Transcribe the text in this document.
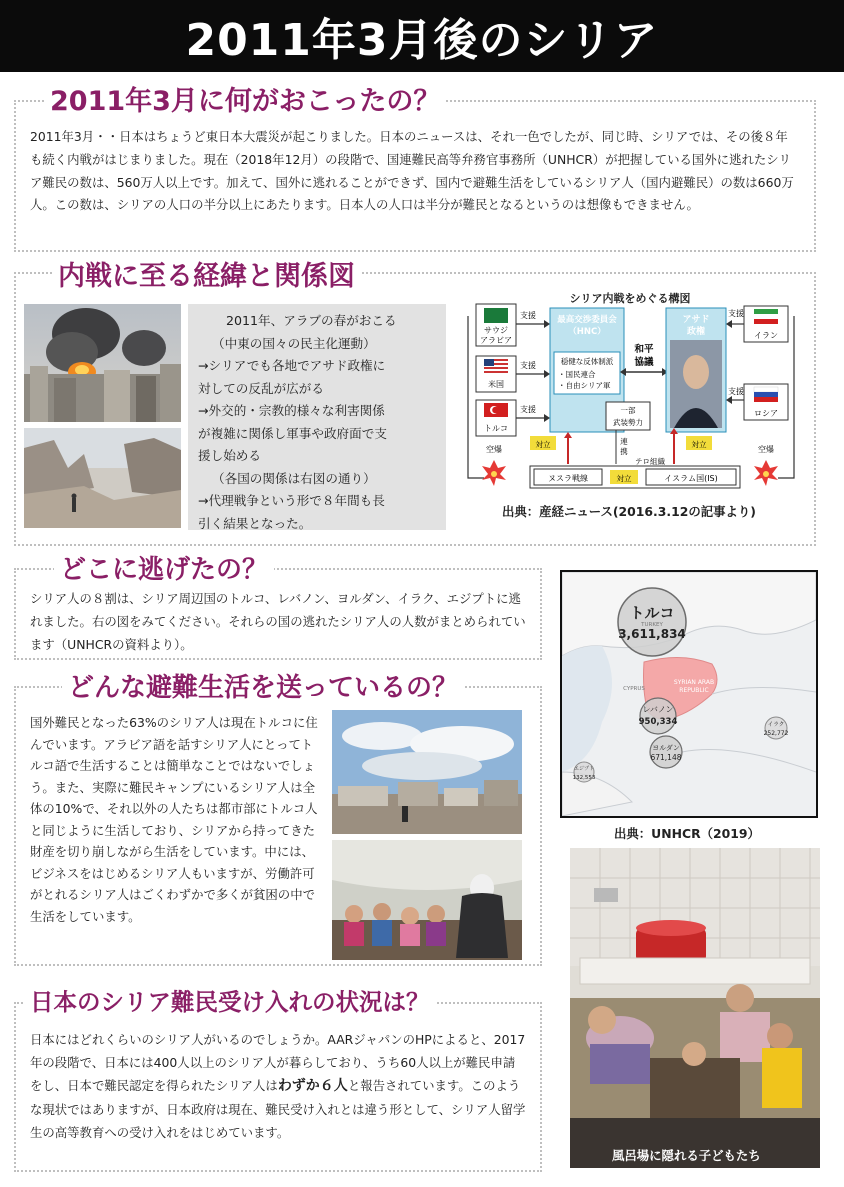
2011年3月後のシリア
2011年3月に何がおこったの？
2011年3月・・日本はちょうど東日本大震災が起こりました。日本のニュースは、それ一色でしたが、同じ時、シリアでは、その後８年も続く内戦がはじまりました。現在（2018年12月）の段階で、国連難民高等弁務官事務所（UNHCR）が把握している国外に逃れたシリア難民の数は、560万人以上です。加えて、国外に逃れることができず、国内で避難生活をしているシリア人（国内避難民）の数は660万人。この数は、シリアの人口の半分以上にあたります。日本人の人口は半分が難民となるというのは想像もできません。
内戦に至る経緯と関係図
2011年、アラブの春がおこる
（中東の国々の民主化運動）
→シリアでも各地でアサド政権に
対しての反乱が広がる
→外交的・宗教的様々な利害関係
が複雑に関係し軍事や政府面で支
援し始める
（各国の関係は右図の通り）
→代理戦争という形で８年間も長
引く結果となった。
シリア内戦をめぐる構図
サウジ
アラビア
米国
トルコ
支援
支援
支援
最高交渉委員会
（HNC）
穏健な反体制派
・国民連合
・自由シリア軍
和平
協議
アサド
政権	イラン
ロシア
支援
支援
一部
武装勢力
対立	対立
連
携
テロ組織
ヌスラ戦線	対立	イスラム国(IS)
空爆	空爆
出典：産経ニュース(2016.3.12の記事より)
どこに逃げたの？
シリア人の８割は、シリア周辺国のトルコ、レバノン、ヨルダン、イラク、エジプトに逃れました。右の図をみてください。それらの国の逃れたシリア人の人数がまとめられています（UNHCRの資料より）。
トルコ
TURKEY
3,611,834
SYRIAN ARAB
REPUBLIC
CYPRUS
レバノン
950,334
ヨルダン
671,148
イラク
252,772
エジプト
132,553
出典：UNHCR（2019）
どんな避難生活を送っているの？
国外難民となった63%のシリア人は現在トルコに住んでいます。アラビア語を話すシリア人にとってトルコ語で生活することは簡単なことではないでしょう。また、実際に難民キャンプにいるシリア人は全体の10%で、それ以外の人たちは都市部にトルコ人と同じように生活しており、シリアから持ってきた財産を切り崩しながら生活をしています。中には、ビジネスをはじめるシリア人もいますが、労働許可がとれるシリア人はごくわずかで多くが貧困の中で生活をしています。
風呂場に隠れる子どもたち
日本のシリア難民受け入れの状況は？
日本にはどれくらいのシリア人がいるのでしょうか。AARジャパンのHPによると、2017年の段階で、日本には400人以上のシリア人が暮らしており、うち60人以上が難民申請をし、日本で難民認定を得られたシリア人はわずか６人と報告されています。このような現状ではありますが、日本政府は現在、難民受け入れとは違う形として、シリア人留学生の高等教育への受け入れをはじめています。
